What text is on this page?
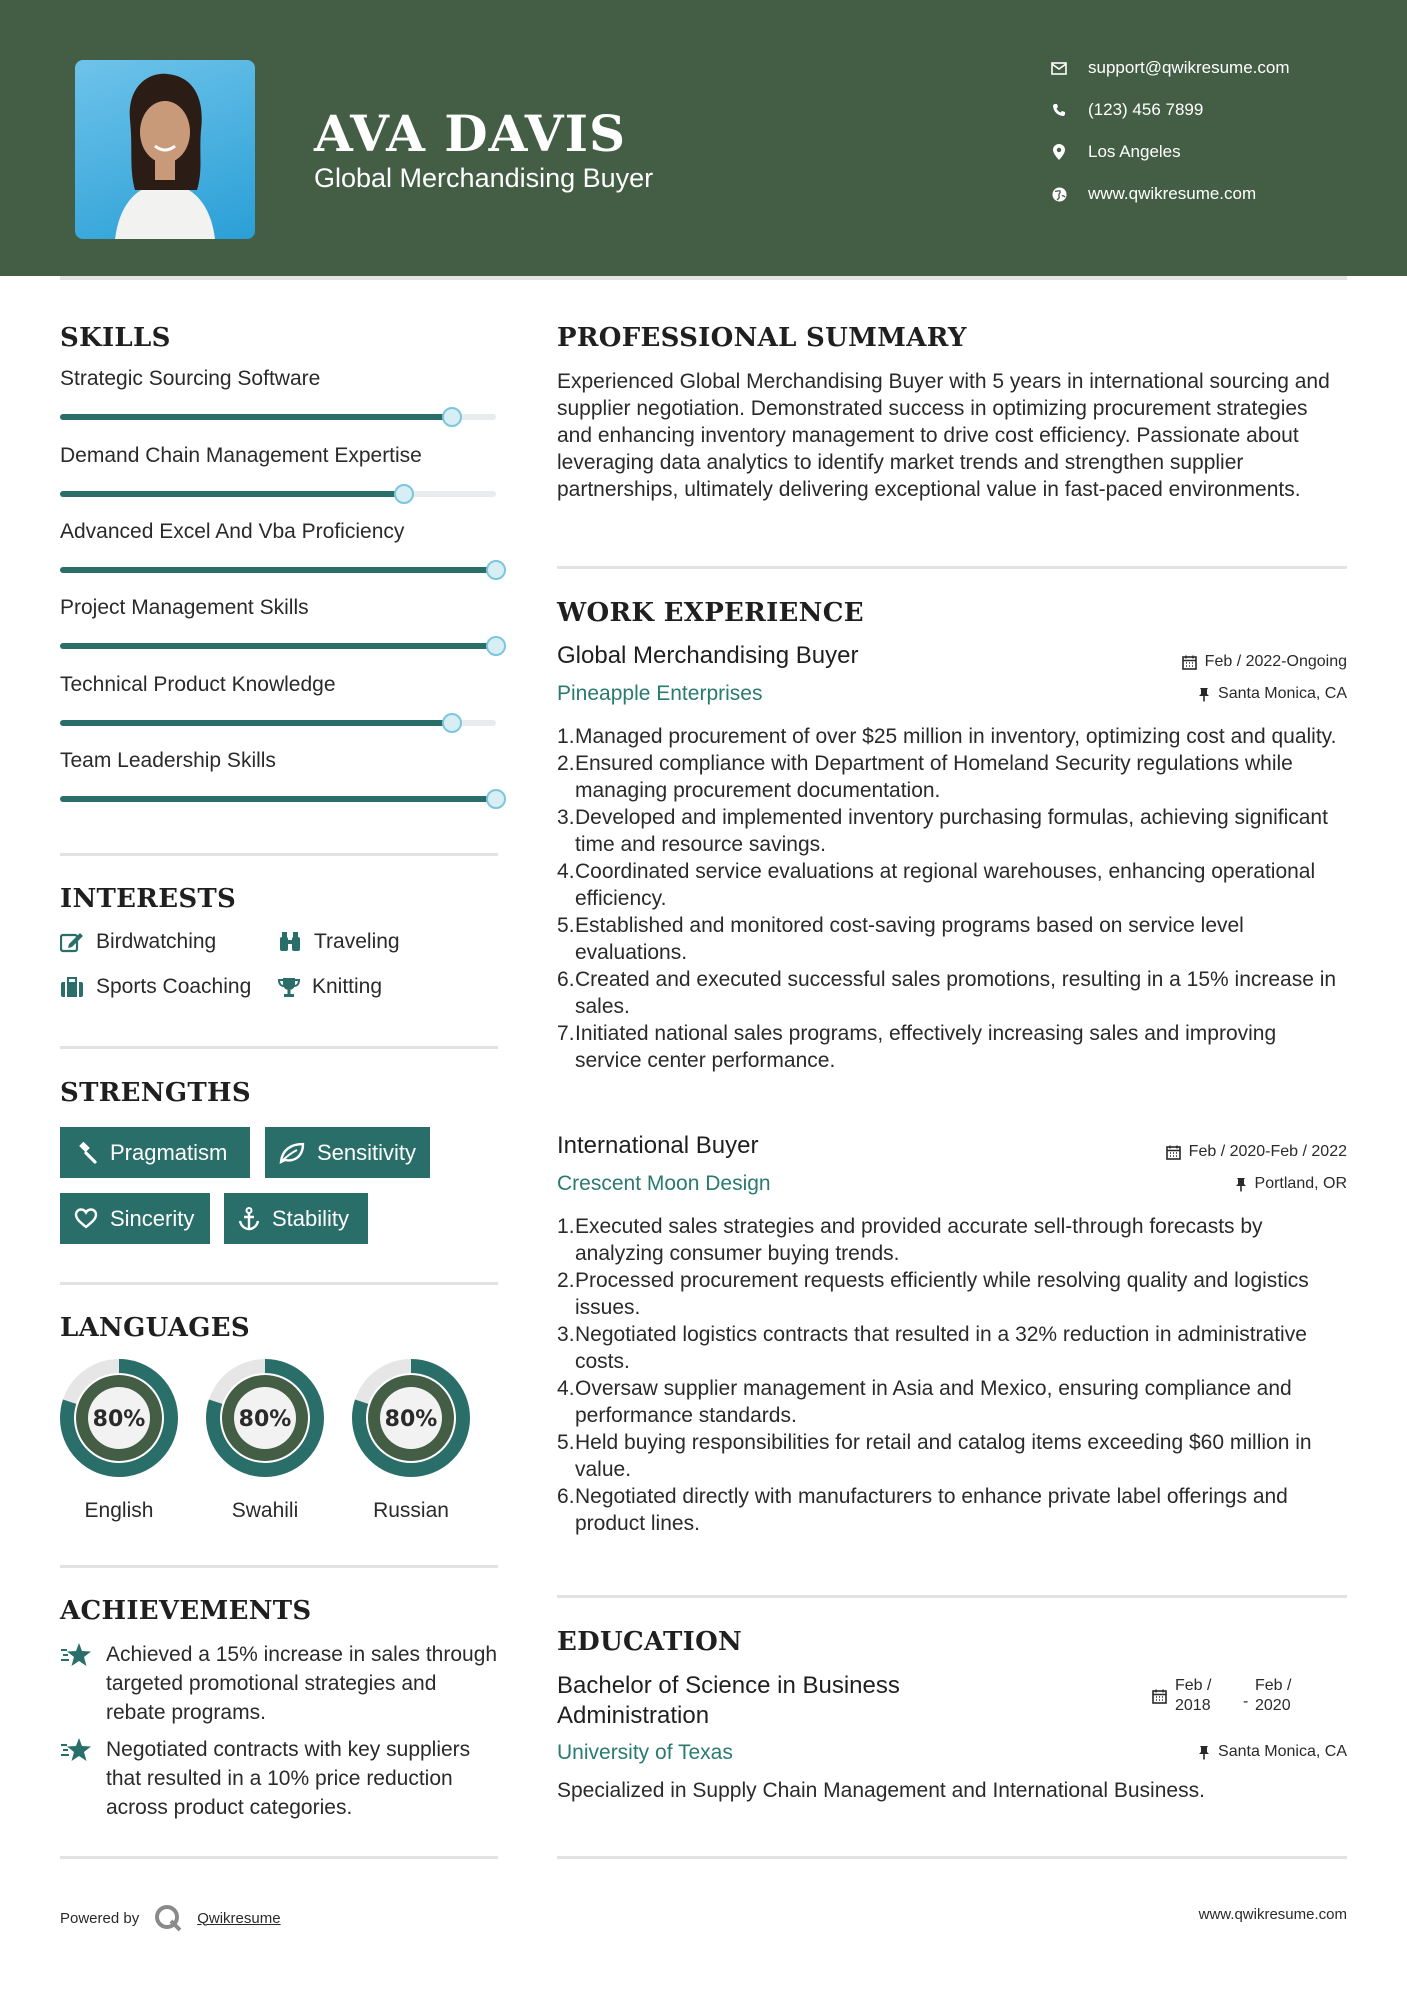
AVA DAVIS
Global Merchandising Buyer
support@qwikresume.com
(123) 456 7899
Los Angeles
www.qwikresume.com
SKILLS
Strategic Sourcing Software
Demand Chain Management Expertise
Advanced Excel And Vba Proficiency
Project Management Skills
Technical Product Knowledge
Team Leadership Skills
INTERESTS
Birdwatching	Traveling
Sports Coaching	Knitting
STRENGTHS
Pragmatism	Sensitivity
Sincerity	Stability
LANGUAGES
80%
English
80%
Swahili
80%
Russian
ACHIEVEMENTS
Achieved a 15% increase in sales through targeted promotional strategies and rebate programs.
Negotiated contracts with key suppliers that resulted in a 10% price reduction across product categories.
PROFESSIONAL SUMMARY
Experienced Global Merchandising Buyer with 5 years in international sourcing and supplier negotiation. Demonstrated success in optimizing procurement strategies and enhancing inventory management to drive cost efficiency. Passionate about leveraging data analytics to identify market trends and strengthen supplier partnerships, ultimately delivering exceptional value in fast-paced environments.
WORK EXPERIENCE
Global Merchandising Buyer	Feb / 2022-Ongoing
Pineapple Enterprises	Santa Monica, CA
Managed procurement of over $25 million in inventory, optimizing cost and quality.
Ensured compliance with Department of Homeland Security regulations while managing procurement documentation.
Developed and implemented inventory purchasing formulas, achieving significant time and resource savings.
Coordinated service evaluations at regional warehouses, enhancing operational efficiency.
Established and monitored cost-saving programs based on service level evaluations.
Created and executed successful sales promotions, resulting in a 15% increase in sales.
Initiated national sales programs, effectively increasing sales and improving service center performance.
International Buyer	Feb / 2020-Feb / 2022
Crescent Moon Design	Portland, OR
Executed sales strategies and provided accurate sell-through forecasts by analyzing consumer buying trends.
Processed procurement requests efficiently while resolving quality and logistics issues.
Negotiated logistics contracts that resulted in a 32% reduction in administrative costs.
Oversaw supplier management in Asia and Mexico, ensuring compliance and performance standards.
Held buying responsibilities for retail and catalog items exceeding $60 million in value.
Negotiated directly with manufacturers to enhance private label offerings and product lines.
EDUCATION
Bachelor of Science in Business
Administration
Feb /
2018	-
Feb /
2020
University of Texas	Santa Monica, CA
Specialized in Supply Chain Management and International Business.
Powered by	Qwikresume	www.qwikresume.com
